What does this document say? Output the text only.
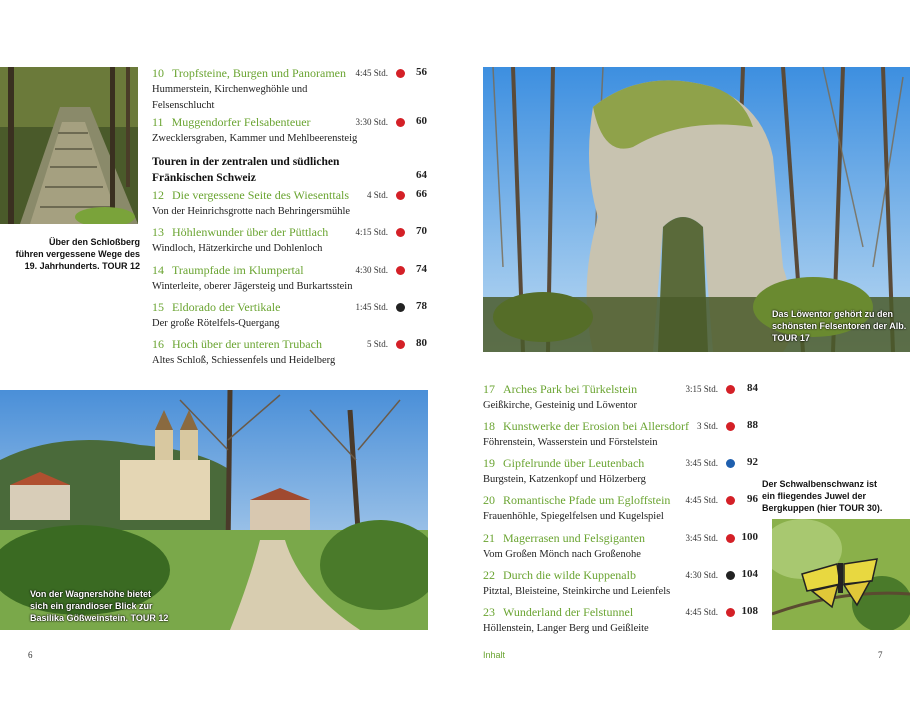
Über den Schloßberg
führen vergessene Wege des
19. Jahrhunderts. TOUR 12
Das Löwentor gehört zu den
schönsten Felsentoren der Alb.
TOUR 17
Von der Wagnershöhe bietet
sich ein grandioser Blick zur
Basilika Gößweinstein. TOUR 12
Der Schwalbenschwanz ist
ein fliegendes Juwel der
Bergkuppen (hier TOUR 30).
Touren in der zentralen und südlichen
Fränkischen Schweiz	64
10 Tropfsteine, Burgen und Panoramen 4:45 Std.	56
Hummerstein, Kirchenweghöhle und
Felsenschlucht
11 Muggendorfer Felsabenteuer	3:30 Std.	60
Zwecklersgraben, Kammer und Mehlbeerensteig
12 Die vergessene Seite des Wiesenttals 4 Std.	66
Von der Heinrichsgrotte nach Behringersmühle
13 Höhlenwunder über der Püttlach	4:15 Std.	70
Windloch, Hätzerkirche und Dohlenloch
14 Traumpfade im Klumpertal	4:30 Std.	74
Winterleite, oberer Jägersteig und Burkartsstein
15 Eldorado der Vertikale	1:45 Std.	78
Der große Rötelfels-Quergang
16 Hoch über der unteren Trubach	5 Std.	80
Altes Schloß, Schiessenfels und Heidelberg
17 Arches Park bei Türkelstein	3:15 Std.	84
Geißkirche, Gesteinig und Löwentor
18 Kunstwerke der Erosion bei Allersdorf 3 Std.	88
Föhrenstein, Wasserstein und Förstelstein
19 Gipfelrunde über Leutenbach	3:45 Std.	92
Burgstein, Katzenkopf und Hölzerberg
20 Romantische Pfade um Egloffstein 4:45 Std.	96
Frauenhöhle, Spiegelfelsen und Kugelspiel
21 Magerrasen und Felsgiganten	3:45 Std.	100
Vom Großen Mönch nach Großenohe
22 Durch die wilde Kuppenalb	4:30 Std.	104
Pitztal, Bleisteine, Steinkirche und Leienfels
23 Wunderland der Felstunnel	4:45 Std.	108
Höllenstein, Langer Berg und Geißleite
6	Inhalt	7
